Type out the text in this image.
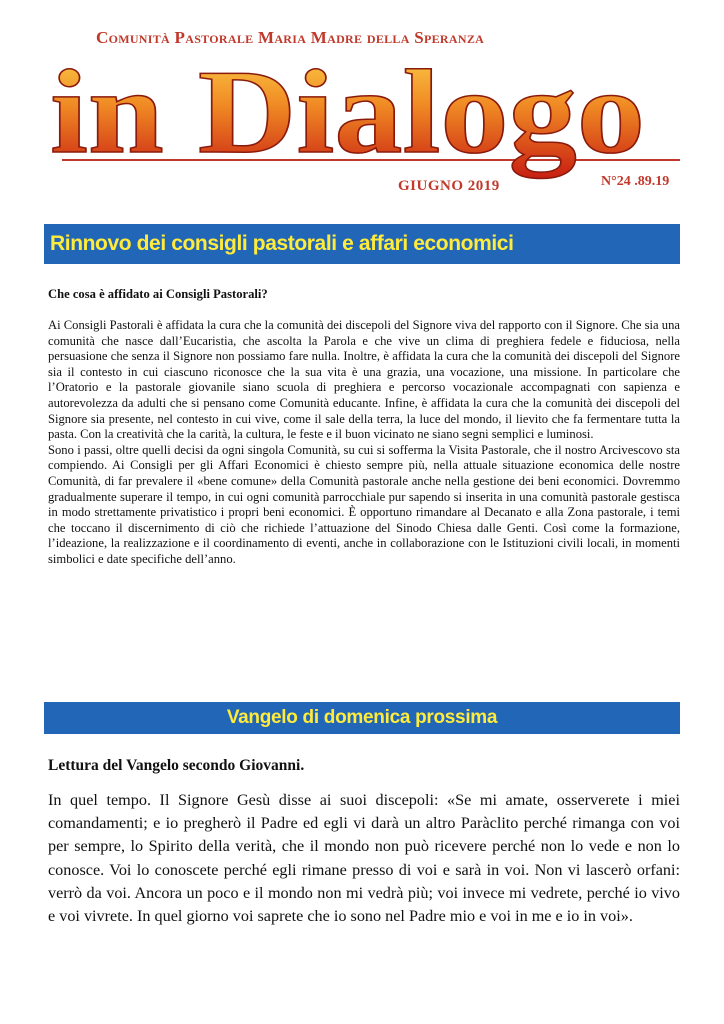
Comunità Pastorale Maria Madre della Speranza
in Dialogo
GIUGNO 2019	N°24 .89.19
Rinnovo dei consigli pastorali e affari economici
Che cosa è affidato ai Consigli Pastorali?

Ai Consigli Pastorali è affidata la cura che la comunità dei discepoli del Signore viva del rapporto con il Signore. Che sia una comunità che nasce dall’Eucaristia, che ascolta la Parola e che vive un clima di preghiera fedele e fiduciosa, nella persuasione che senza il Signore non possiamo fare nulla. Inoltre, è affidata la cura che la comunità dei discepoli del Signore sia il contesto in cui ciascuno riconosce che la sua vita è una grazia, una vocazione, una missione. In particolare che l’Oratorio e la pastorale giovanile siano scuola di preghiera e percorso vocazionale accompagnati con sapienza e autorevolezza da adulti che si pensano come Comunità educante. Infine, è affidata la cura che la comunità dei discepoli del Signore sia presente, nel contesto in cui vive, come il sale della terra, la luce del mondo, il lievito che fa fermentare tutta la pasta. Con la creatività che la carità, la cultura, le feste e il buon vicinato ne siano segni semplici e luminosi.

Sono i passi, oltre quelli decisi da ogni singola Comunità, su cui si sofferma la Visita Pastorale, che il nostro Arcivescovo sta compiendo. Ai Consigli per gli Affari Economici è chiesto sempre più, nella attuale situazione economica delle nostre Comunità, di far prevalere il «bene comune» della Comunità pastorale anche nella gestione dei beni economici. Dovremmo gradualmente superare il tempo, in cui ogni comunità parrocchiale pur sapendo si inserita in una comunità pastorale gestisca in modo strettamente privatistico i propri beni economici. È opportuno rimandare al Decanato e alla Zona pastorale, i temi che toccano il discernimento di ciò che richiede l’attuazione del Sinodo Chiesa dalle Genti. Così come la formazione, l’ideazione, la realizzazione e il coordinamento di eventi, anche in collaborazione con le Istituzioni civili locali, in momenti simbolici e date specifiche dell’anno.

Vangelo di domenica prossima
Lettura del Vangelo secondo Giovanni.

In quel tempo. Il Signore Gesù disse ai suoi discepoli: «Se mi amate, osserverete i miei comandamenti; e io pregherò il Padre ed egli vi darà un altro Paràclito perché rimanga con voi per sempre, lo Spirito della verità, che il mondo non può ricevere perché non lo vede e non lo conosce. Voi lo conoscete perché egli rimane presso di voi e sarà in voi. Non vi lascerò orfani: verrò da voi. Ancora un poco e il mondo non mi vedrà più; voi invece mi vedrete, perché io vivo e voi vivrete. In quel giorno voi saprete che io sono nel Padre mio e voi in me e io in voi».
